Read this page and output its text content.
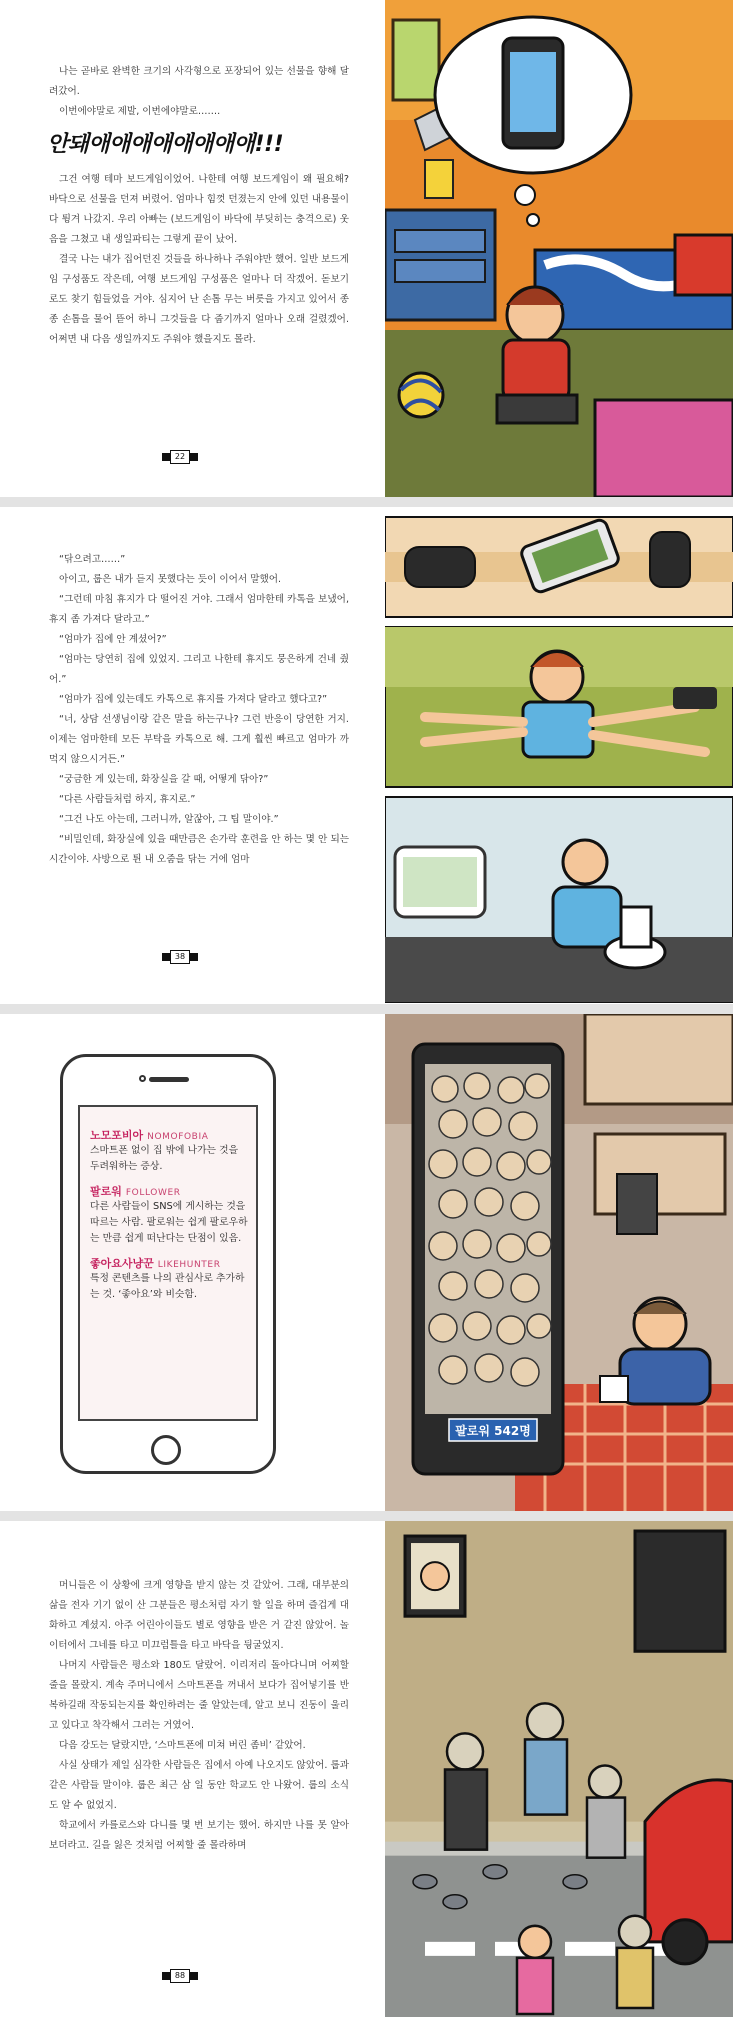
나는 곧바로 완벽한 크기의 사각형으로 포장되어 있는 선물을 향해 달려갔어.

이번에야말로 제발, 이번에야말로…….

안돼애애애애애애애애!!!

그건 여행 테마 보드게임이었어. 나한테 여행 보드게임이 왜 필요해? 바닥으로 선물을 던져 버렸어. 엄마나 힘껏 던졌는지 안에 있던 내용물이 다 튕겨 나갔지. 우리 아빠는 (보드게임이 바닥에 부딪히는 충격으로) 웃음을 그쳤고 내 생일파티는 그렇게 끝이 났어.

결국 나는 내가 집어던진 것들을 하나하나 주워야만 했어. 일반 보드게임 구성품도 작은데, 여행 보드게임 구성품은 얼마나 더 작겠어. 돋보기로도 찾기 힘들었을 거야. 심지어 난 손톱 무는 버릇을 가지고 있어서 종종 손톱을 물어 뜯어 하니 그것들을 다 줍기까지 얼마나 오래 걸렸겠어. 어쩌면 내 다음 생일까지도 주워야 했을지도 몰라.

22

“닦으려고……”

아이고, 룹은 내가 듣지 못했다는 듯이 이어서 말했어.

“그런데 마침 휴지가 다 떨어진 거야. 그래서 엄마한테 카톡을 보냈어, 휴지 좀 가져다 달라고.”

“엄마가 집에 안 계셨어?”

“엄마는 당연히 집에 있었지. 그리고 나한테 휴지도 뭉은하게 건네 줬어.”

“엄마가 집에 있는데도 카톡으로 휴지를 가져다 달라고 했다고?”

“너, 상담 선생님이랑 같은 말을 하는구나? 그런 반응이 당연한 거지. 이제는 엄마한테 모든 부탁을 카톡으로 해. 그게 훨씬 빠르고 엄마가 까먹지 않으시거든.”

“궁금한 게 있는데, 화장실을 갈 때, 어떻게 닦아?”

“다른 사람들처럼 하지, 휴지로.”

“그건 나도 아는데, 그러니까, 알잖아, 그 팁 말이야.”

“비밀인데, 화장실에 있을 때만큼은 손가락 훈련을 안 하는 몇 안 되는 시간이야. 사방으로 튄 내 오줌을 닦는 거에 엄마

38
노모포비아 NOMOFOBIA
스마트폰 없이 집 밖에 나가는 것을 두려워하는 증상.
팔로워 FOLLOWER
다른 사람들이 SNS에 게시하는 것을 따르는 사람. 팔로워는 쉽게 팔로우하는 만큼 쉽게 떠난다는 단점이 있음.
좋아요사냥꾼 LIKEHUNTER
특정 콘텐츠를 나의 관심사로 추가하는 것. ‘좋아요’와 비슷함.
팔로워 542명

머니들은 이 상황에 크게 영향을 받지 않는 것 같았어. 그래, 대부분의 삶을 전자 기기 없이 산 그분들은 평소처럼 자기 할 일을 하며 즐겁게 대화하고 계셨지. 아주 어린아이들도 별로 영향을 받은 거 같진 않았어. 놀이터에서 그네를 타고 미끄럼틀을 타고 바닥을 뒹굴었지.

나머지 사람들은 평소와 180도 달랐어. 이리저리 돌아다니며 어찌할 줄을 몰랐지. 계속 주머니에서 스마트폰을 꺼내서 보다가 집어넣기를 반복하길래 작동되는지를 확인하려는 줄 알았는데, 알고 보니 진동이 울리고 있다고 착각해서 그러는 거였어.

다음 강도는 달랐지만, ‘스마트폰에 미쳐 버린 좀비’ 같았어.

사실 상태가 제일 심각한 사람들은 집에서 아예 나오지도 않았어. 룹과 같은 사람들 말이야. 룹은 최근 삼 일 동안 학교도 안 나왔어. 룹의 소식도 알 수 없었지.

학교에서 카를로스와 다니를 몇 번 보기는 했어. 하지만 나를 못 알아보더라고. 길을 잃은 것처럼 어찌할 줄 몰라하며

88
